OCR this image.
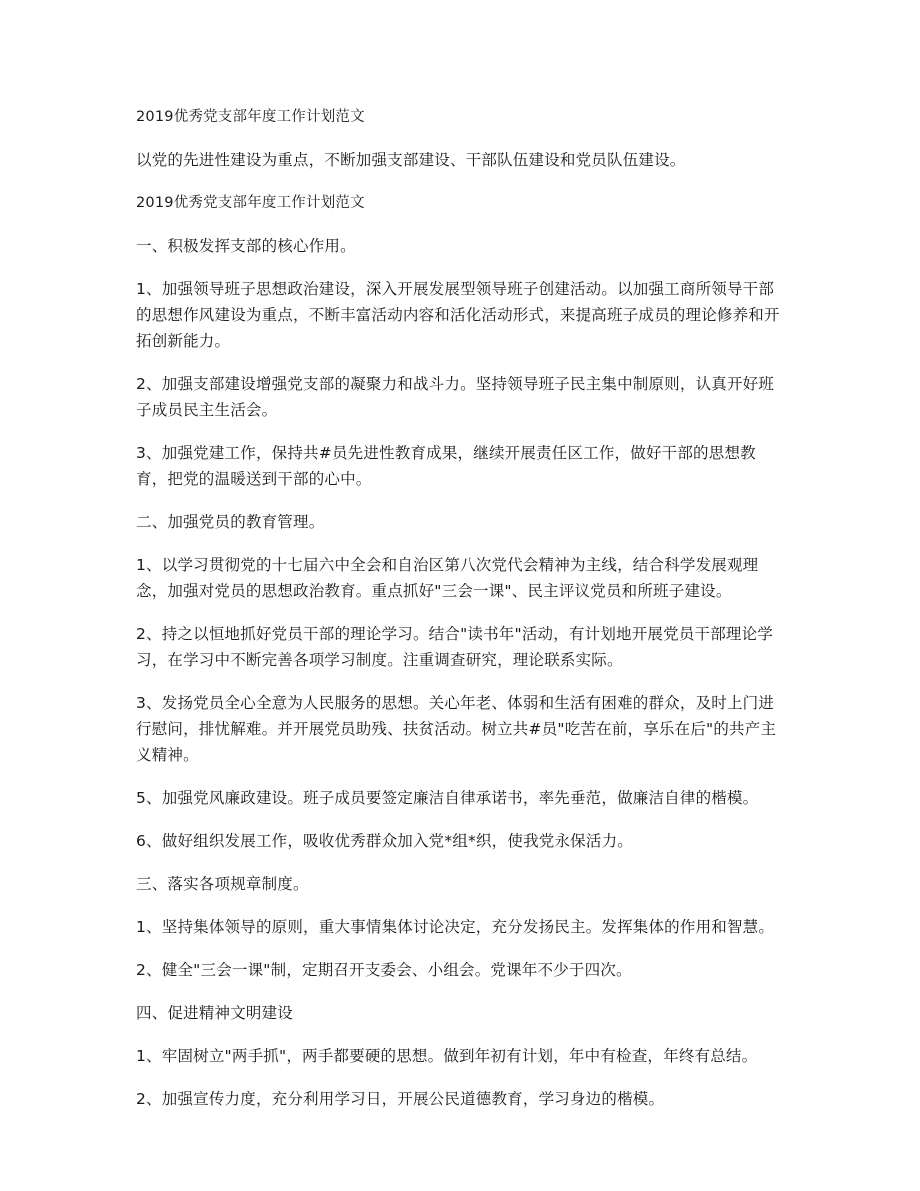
2019优秀党支部年度工作计划范文

以党的先进性建设为重点，不断加强支部建设、干部队伍建设和党员队伍建设。

2019优秀党支部年度工作计划范文

一、积极发挥支部的核心作用。

1、加强领导班子思想政治建设，深入开展发展型领导班子创建活动。以加强工商所领导干部的思想作风建设为重点，不断丰富活动内容和活化活动形式，来提高班子成员的理论修养和开拓创新能力。

2、加强支部建设增强党支部的凝聚力和战斗力。坚持领导班子民主集中制原则，认真开好班子成员民主生活会。

3、加强党建工作，保持共#员先进性教育成果，继续开展责任区工作，做好干部的思想教育，把党的温暖送到干部的心中。

二、加强党员的教育管理。

1、以学习贯彻党的十七届六中全会和自治区第八次党代会精神为主线，结合科学发展观理念，加强对党员的思想政治教育。重点抓好"三会一课"、民主评议党员和所班子建设。

2、持之以恒地抓好党员干部的理论学习。结合"读书年"活动，有计划地开展党员干部理论学习，在学习中不断完善各项学习制度。注重调查研究，理论联系实际。

3、发扬党员全心全意为人民服务的思想。关心年老、体弱和生活有困难的群众，及时上门进行慰问，排忧解难。并开展党员助残、扶贫活动。树立共#员"吃苦在前，享乐在后"的共产主义精神。

5、加强党风廉政建设。班子成员要签定廉洁自律承诺书，率先垂范，做廉洁自律的楷模。

6、做好组织发展工作，吸收优秀群众加入党*组*织，使我党永保活力。

三、落实各项规章制度。

1、坚持集体领导的原则，重大事情集体讨论决定，充分发扬民主。发挥集体的作用和智慧。

2、健全"三会一课"制，定期召开支委会、小组会。党课年不少于四次。

四、促进精神文明建设

1、牢固树立"两手抓"，两手都要硬的思想。做到年初有计划，年中有检查，年终有总结。

2、加强宣传力度，充分利用学习日，开展公民道德教育，学习身边的楷模。
